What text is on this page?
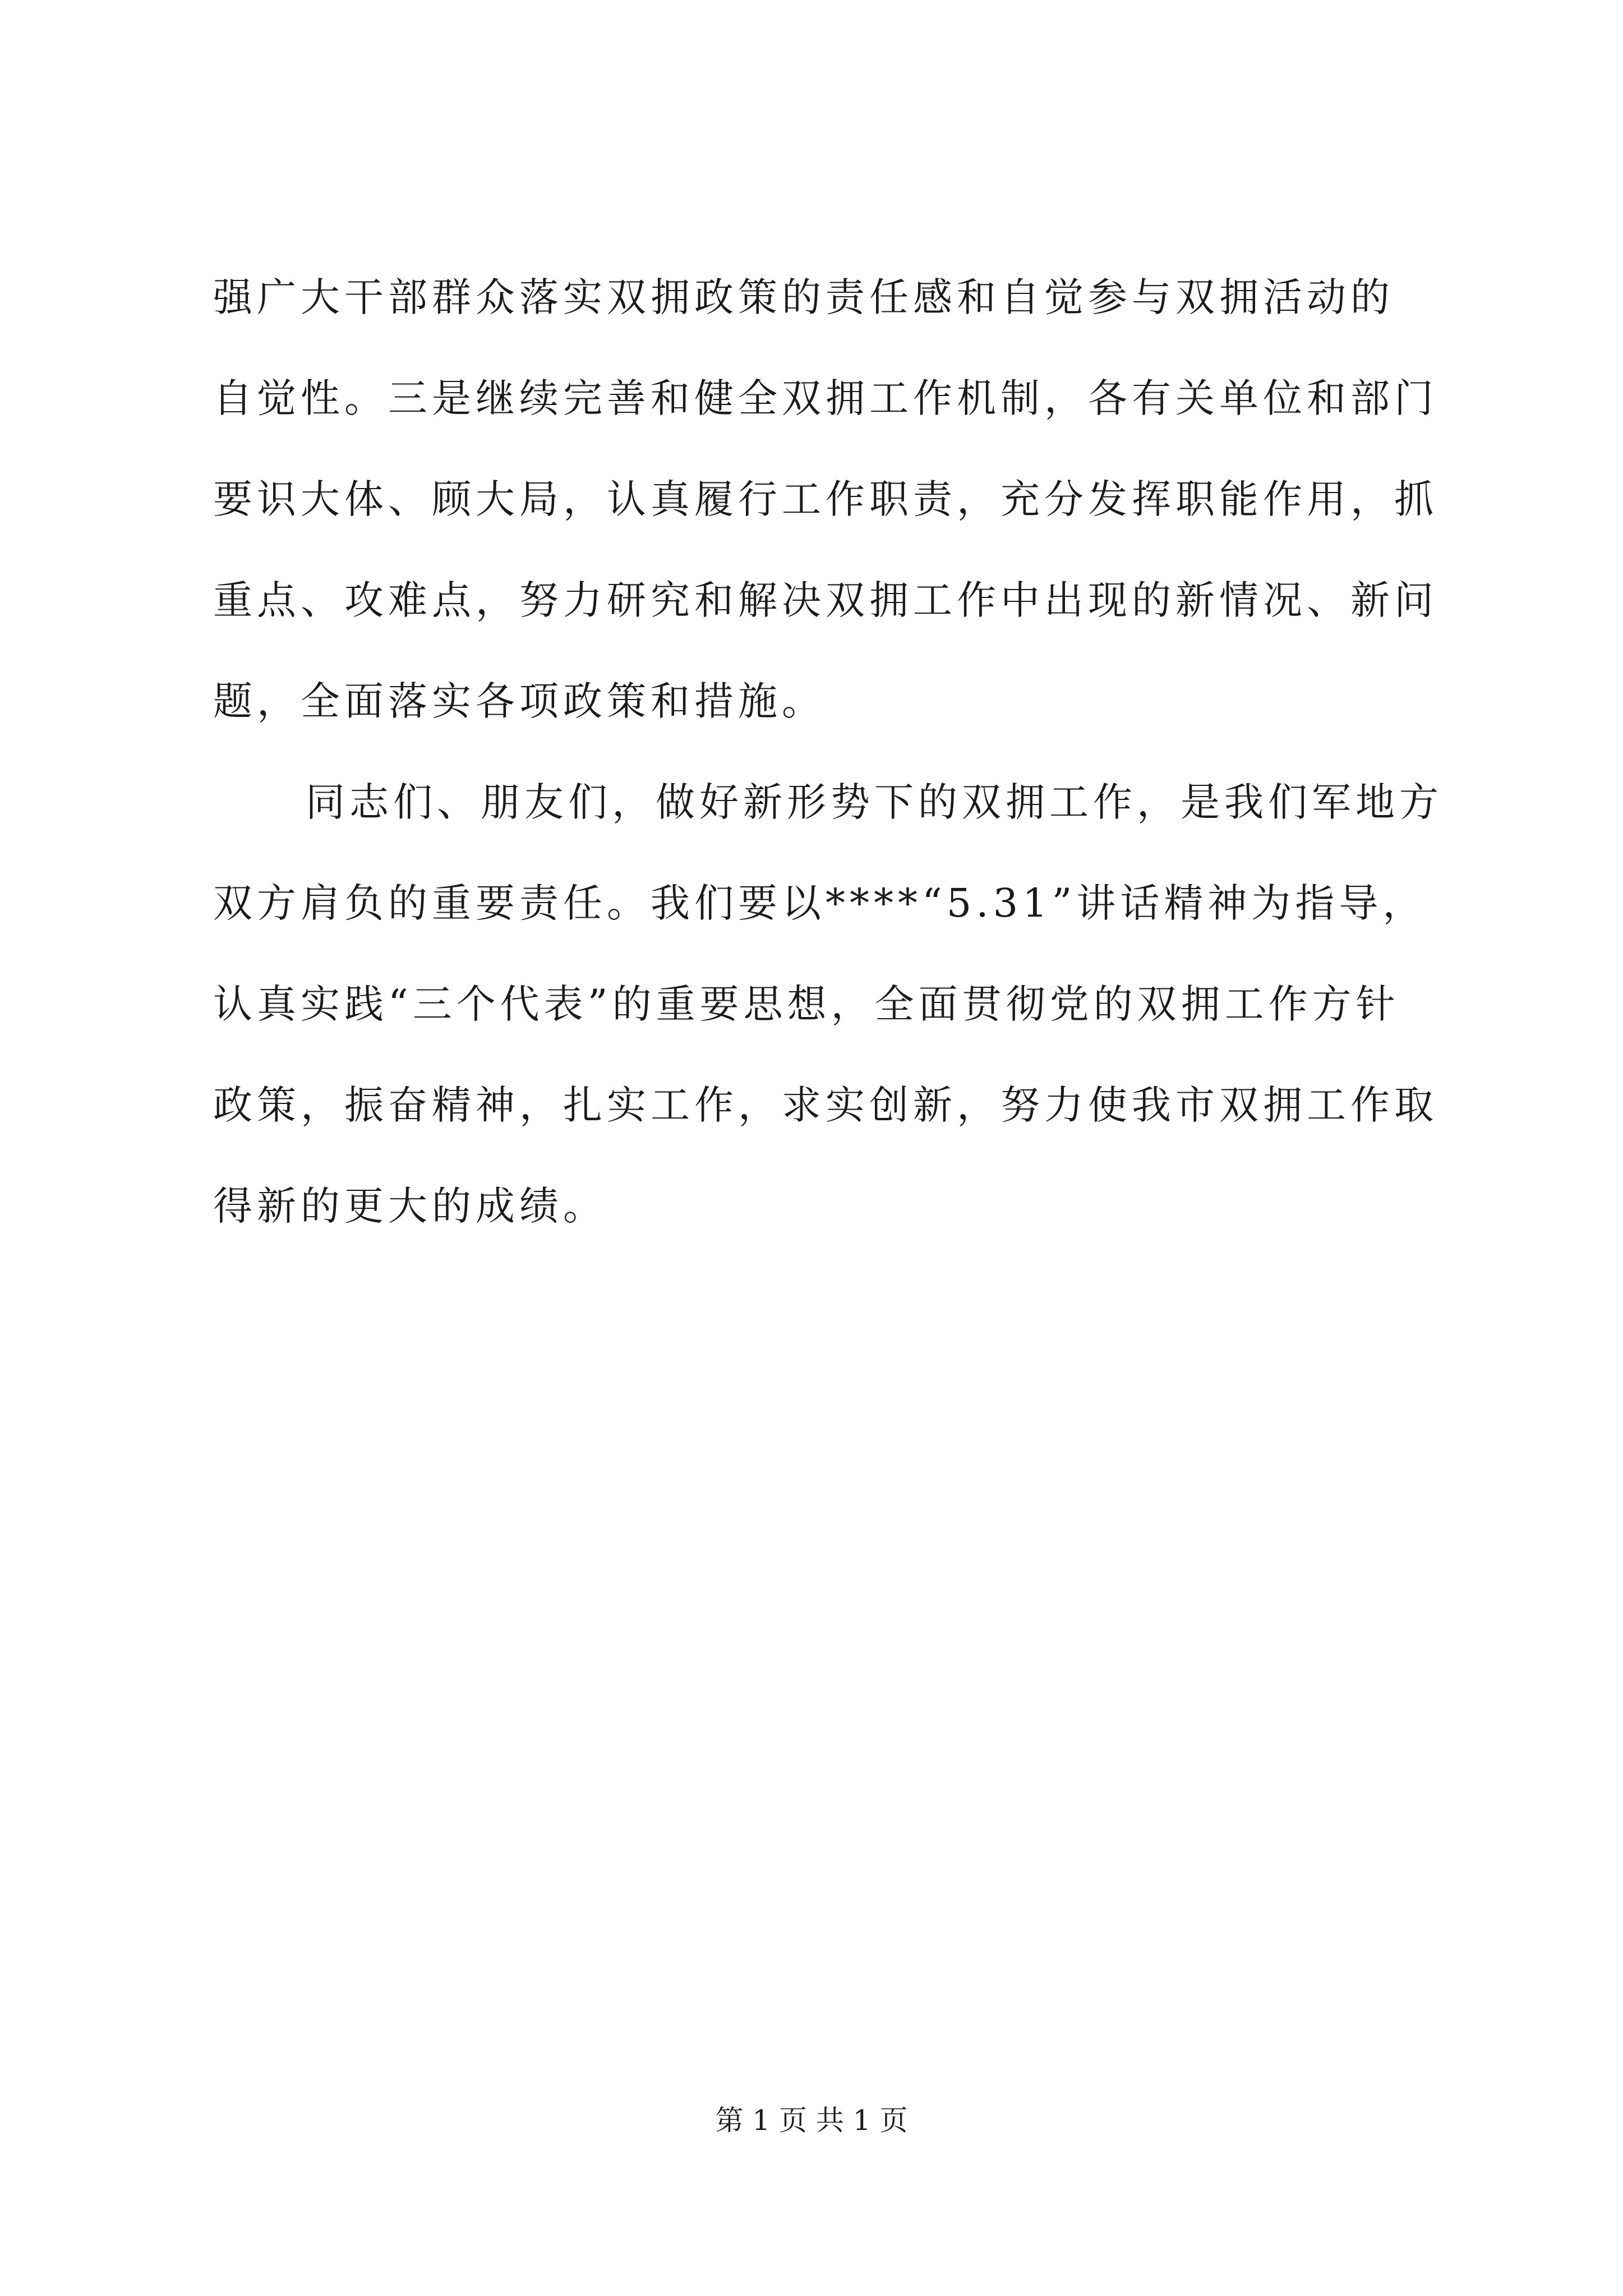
强广大干部群众落实双拥政策的责任感和自觉参与双拥活动的
自觉性。三是继续完善和健全双拥工作机制，各有关单位和部门
要识大体、顾大局，认真履行工作职责，充分发挥职能作用，抓
重点、攻难点，努力研究和解决双拥工作中出现的新情况、新问
题，全面落实各项政策和措施。
同志们、朋友们，做好新形势下的双拥工作，是我们军地方
双方肩负的重要责任。我们要以****“5.31”讲话精神为指导，
认真实践“三个代表”的重要思想，全面贯彻党的双拥工作方针
政策，振奋精神，扎实工作，求实创新，努力使我市双拥工作取
得新的更大的成绩。
第 1 页 共 1 页
